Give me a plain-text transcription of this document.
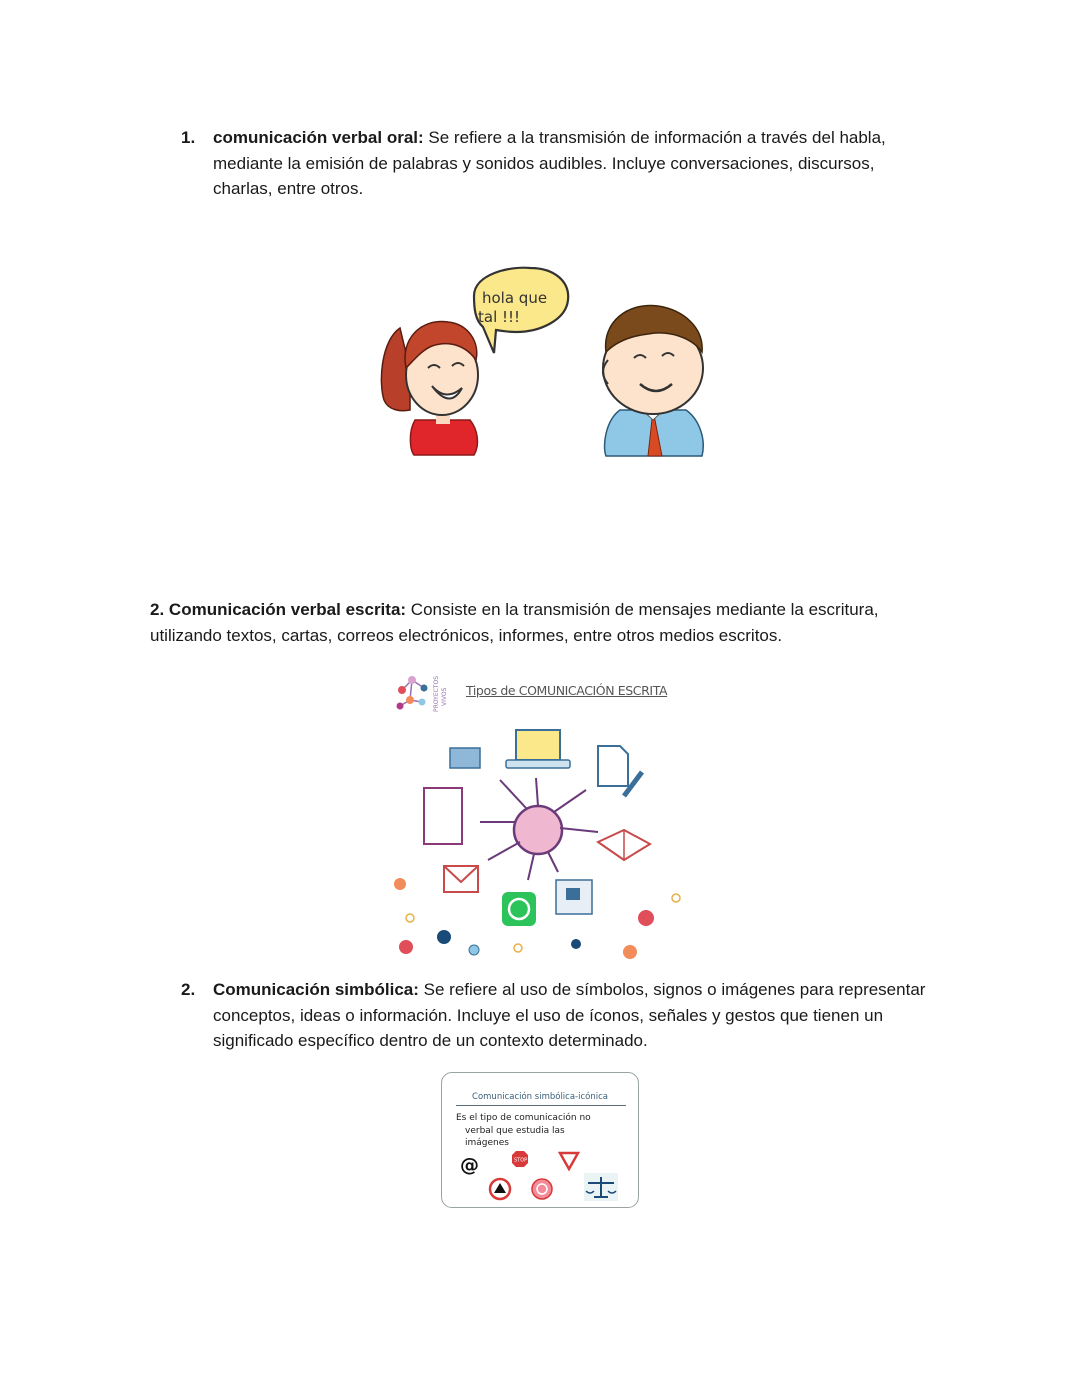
1. comunicación verbal oral: Se refiere a la transmisión de información a través del habla, mediante la emisión de palabras y sonidos audibles. Incluye conversaciones, discursos, charlas, entre otros.
hola que
tal !!!
2. Comunicación verbal escrita: Consiste en la transmisión de mensajes mediante la escritura, utilizando textos, cartas, correos electrónicos, informes, entre otros medios escritos.
PROYECTOS VIVOS Tipos de COMUNICACIÓN ESCRITA
2. Comunicación simbólica: Se refiere al uso de símbolos, signos o imágenes para representar conceptos, ideas o información. Incluye el uso de íconos, señales y gestos que tienen un significado específico dentro de un contexto determinado.
Comunicación simbólica-icónica
Es el tipo de comunicación no
verbal que estudia las
imágenes
@	STOP
